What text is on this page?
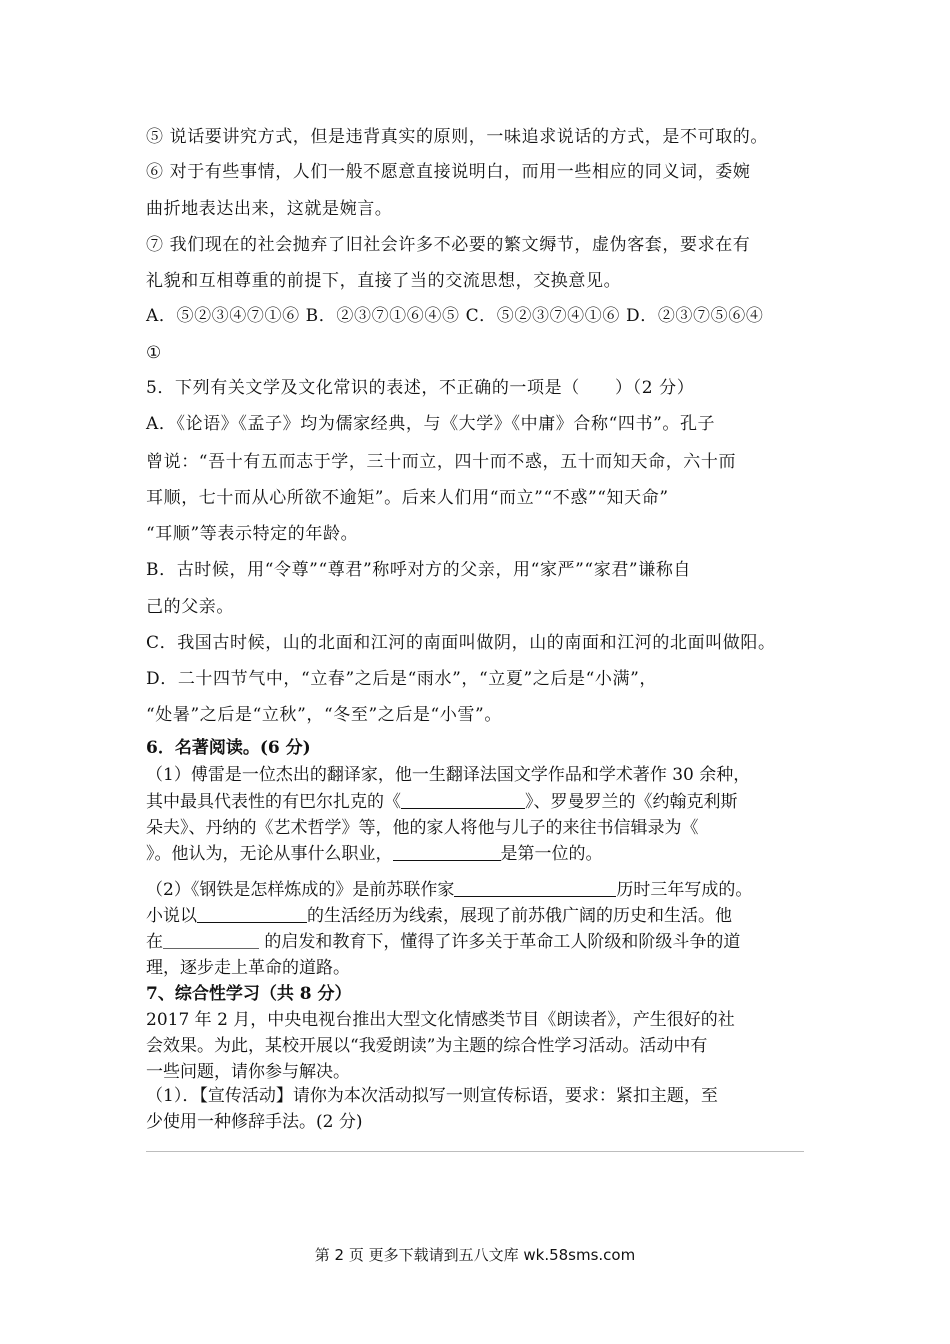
⑤ 说话要讲究方式，但是违背真实的原则，一味追求说话的方式，是不可取的。
⑥ 对于有些事情，人们一般不愿意直接说明白，而用一些相应的同义词，委婉
曲折地表达出来，这就是婉言。
⑦ 我们现在的社会抛弃了旧社会许多不必要的繁文缛节，虚伪客套，要求在有
礼貌和互相尊重的前提下，直接了当的交流思想，交换意见。
A．⑤②③④⑦①⑥ B．②③⑦①⑥④⑤ C．⑤②③⑦④①⑥ D．②③⑦⑤⑥④
①
5．下列有关文学及文化常识的表述，不正确的一项是（　　）（2 分）
A．《论语》《孟子》均为儒家经典，与《大学》《中庸》合称“四书”。孔子
曾说：“吾十有五而志于学，三十而立，四十而不惑，五十而知天命，六十而
耳顺，七十而从心所欲不逾矩”。后来人们用“而立”“不惑”“知天命”
“耳顺”等表示特定的年龄。
B．古时候，用“令尊”“尊君”称呼对方的父亲，用“家严”“家君”谦称自
己的父亲。
C．我国古时候，山的北面和江河的南面叫做阴，山的南面和江河的北面叫做阳。
D．二十四节气中，“立春”之后是“雨水”，“立夏”之后是“小满”，
“处暑”之后是“立秋”，“冬至”之后是“小雪”。
6．名著阅读。(6 分)
（1）傅雷是一位杰出的翻译家，他一生翻译法国文学作品和学术著作 30 余种，
其中最具代表性的有巴尔扎克的《	》、罗曼罗兰的《约翰克利斯
朵夫》、丹纳的《艺术哲学》等，他的家人将他与儿子的来往书信辑录为《
》。他认为，无论从事什么职业，	是第一位的。
（2）《钢铁是怎样炼成的》是前苏联作家	历时三年写成的。
小说以	的生活经历为线索，展现了前苏俄广阔的历史和生活。他
在	的启发和教育下，懂得了许多关于革命工人阶级和阶级斗争的道
理，逐步走上革命的道路。
7、综合性学习（共 8 分）
2017 年 2 月，中央电视台推出大型文化情感类节目《朗读者》，产生很好的社
会效果。为此，某校开展以“我爱朗读”为主题的综合性学习活动。活动中有
一些问题，请你参与解决。
（1）．【宣传活动】请你为本次活动拟写一则宣传标语，要求：紧扣主题，至
少使用一种修辞手法。(2 分)
第 2 页 更多下载请到五八文库 wk.58sms.com
